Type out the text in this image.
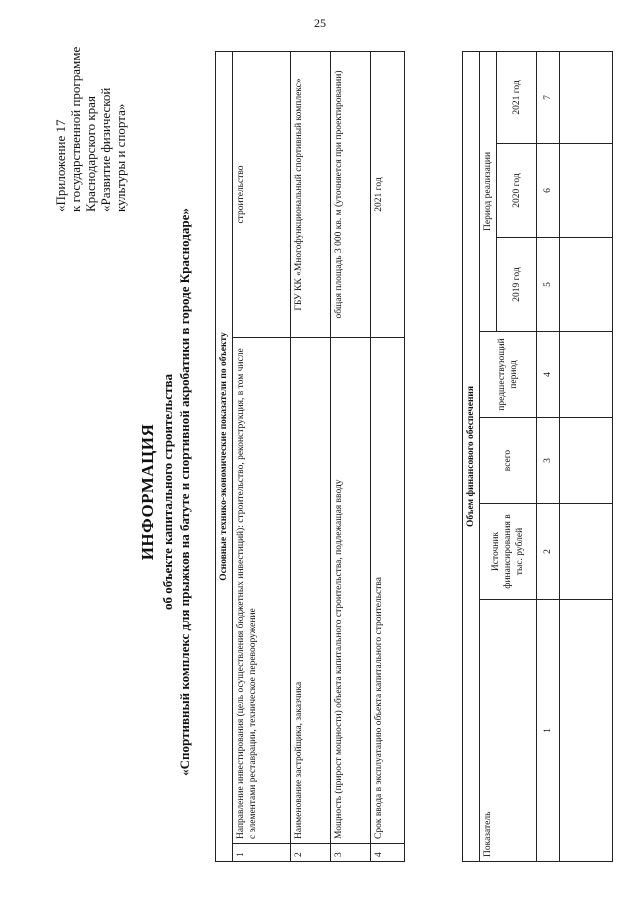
25
«Приложение 17 к государственной программе Краснодарского края «Развитие физической культуры и спорта»
ИНФОРМАЦИЯ об объекте капитального строительства «Спортивный комплекс для прыжков на батуте и спортивной акробатики в городе Краснодаре»	Основные технико-экономические показатели по объекту		
1	Направление инвестирования (цель осуществления бюджетных инвестиций): строительство, реконструкция, в том числе с элементами реставрации, техническое перевооружение	строительство
2	Наименование застройщика, заказчика	ГБУ КК «Многофункциональный спортивный комплекс»
3	Мощность (прирост мощности) объекта капитального строительства, подлежащая вводу	общая площадь 3 000 кв. м (уточняется при проектировании)
4	Срок ввода в эксплуатацию объекта капитального строительства	2021 год
Объем финансового обеспечения						
Показатель	Источник финансирования в тыс. рублей	всего	предшествующий период	Период реализации		
				2019 год	2020 год	2021 год
1	2	3	4	5	6	7
